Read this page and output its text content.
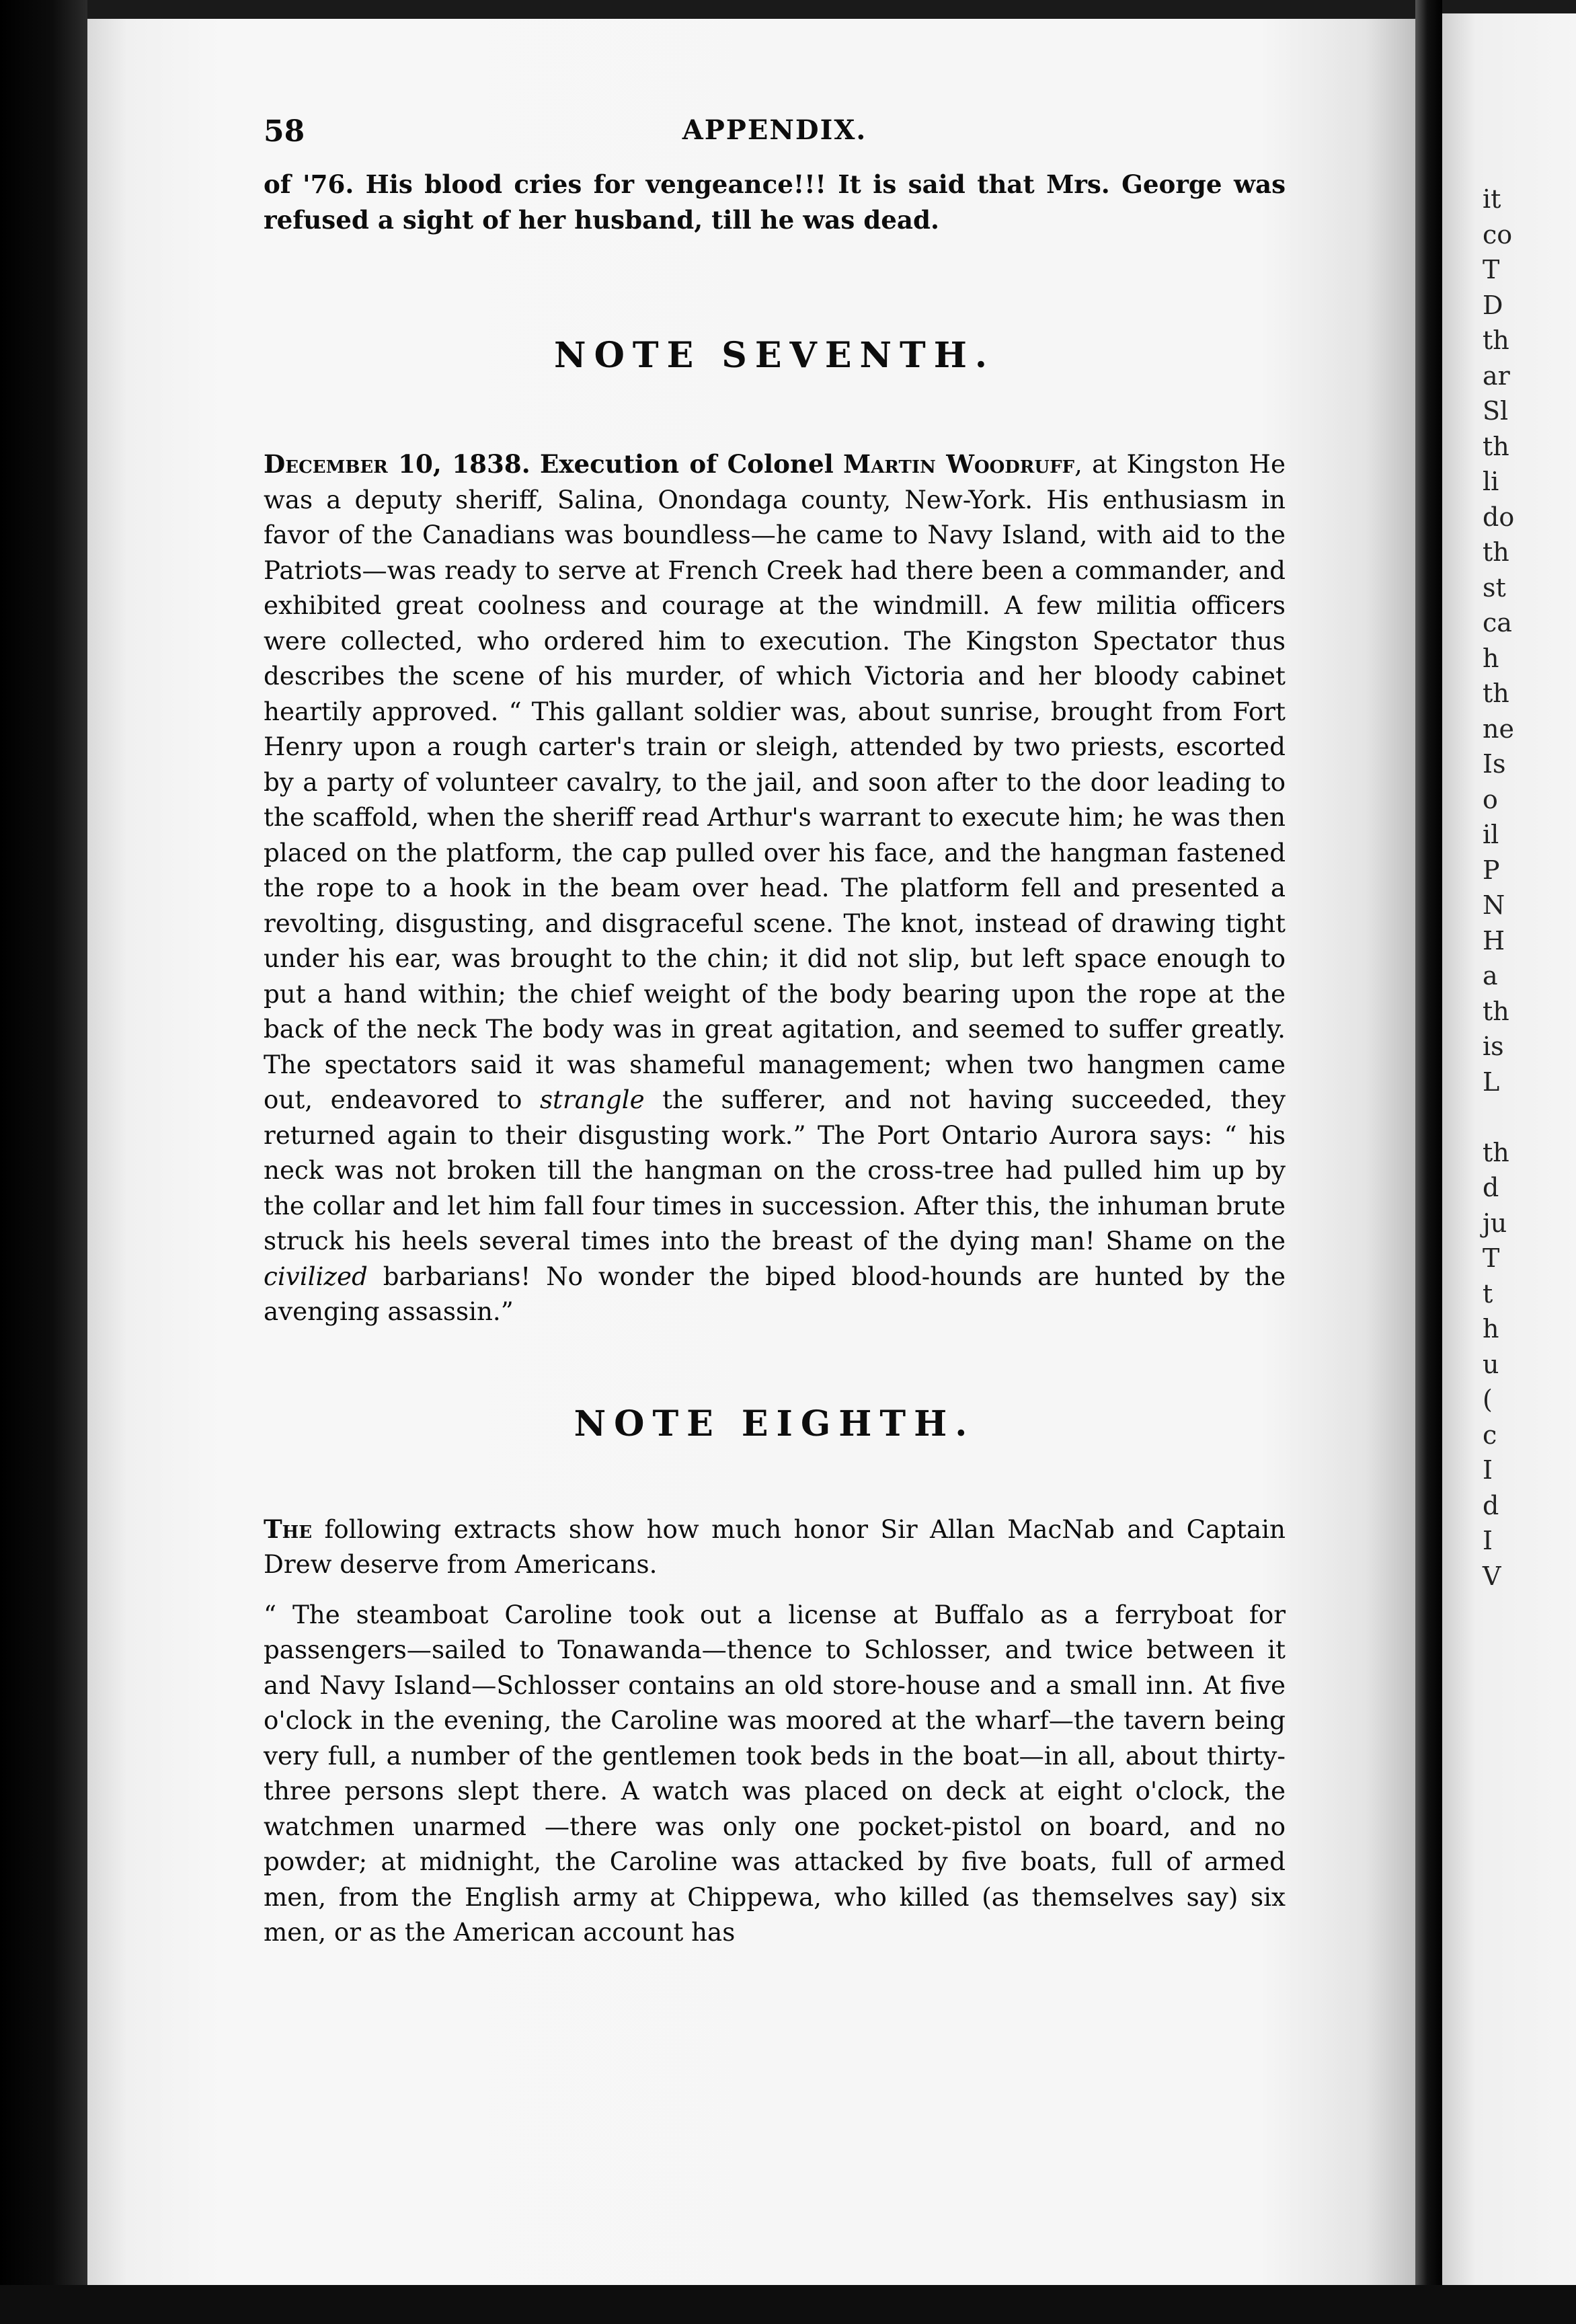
58	APPENDIX.

of '76. His blood cries for vengeance!!! It is said that Mrs. George was refused a sight of her husband, till he was dead.

NOTE SEVENTH.

December 10, 1838. Execution of Colonel Martin Woodruff, at Kingston He was a deputy sheriff, Salina, Onondaga county, New-York. His enthusiasm in favor of the Canadians was boundless—he came to Navy Island, with aid to the Patriots—was ready to serve at French Creek had there been a commander, and exhibited great coolness and courage at the windmill. A few militia officers were collected, who ordered him to execution. The Kingston Spectator thus describes the scene of his murder, of which Victoria and her bloody cabinet heartily approved. “ This gallant soldier was, about sunrise, brought from Fort Henry upon a rough carter's train or sleigh, attended by two priests, escorted by a party of volunteer cavalry, to the jail, and soon after to the door leading to the scaffold, when the sheriff read Arthur's warrant to execute him; he was then placed on the platform, the cap pulled over his face, and the hangman fastened the rope to a hook in the beam over head. The platform fell and presented a revolting, disgusting, and disgraceful scene. The knot, instead of drawing tight under his ear, was brought to the chin; it did not slip, but left space enough to put a hand within; the chief weight of the body bearing upon the rope at the back of the neck The body was in great agitation, and seemed to suffer greatly. The spectators said it was shameful management; when two hangmen came out, endeavored to strangle the sufferer, and not having succeeded, they returned again to their disgusting work.” The Port Ontario Aurora says: “ his neck was not broken till the hangman on the cross-tree had pulled him up by the collar and let him fall four times in succession. After this, the inhuman brute struck his heels several times into the breast of the dying man! Shame on the civilized barbarians! No wonder the biped blood-hounds are hunted by the avenging assassin.”

NOTE EIGHTH.

The following extracts show how much honor Sir Allan MacNab and Captain Drew deserve from Americans.

“ The steamboat Caroline took out a license at Buffalo as a ferryboat for passengers—sailed to Tonawanda—thence to Schlosser, and twice between it and Navy Island—Schlosser contains an old store-house and a small inn. At five o'clock in the evening, the Caroline was moored at the wharf—the tavern being very full, a number of the gentlemen took beds in the boat—in all, about thirty-three persons slept there. A watch was placed on deck at eight o'clock, the watchmen unarmed —there was only one pocket-pistol on board, and no powder; at midnight, the Caroline was attacked by five boats, full of armed men, from the English army at Chippewa, who killed (as themselves say) six men, or as the American account has

it
co
T
D
th
ar
Sl
th
li
do
th
st
ca
h
th
ne
Is
o
il
P
N
H
a
th
is
L
th
d
ju
T
t
h
u
(
c
I
d
I
V
